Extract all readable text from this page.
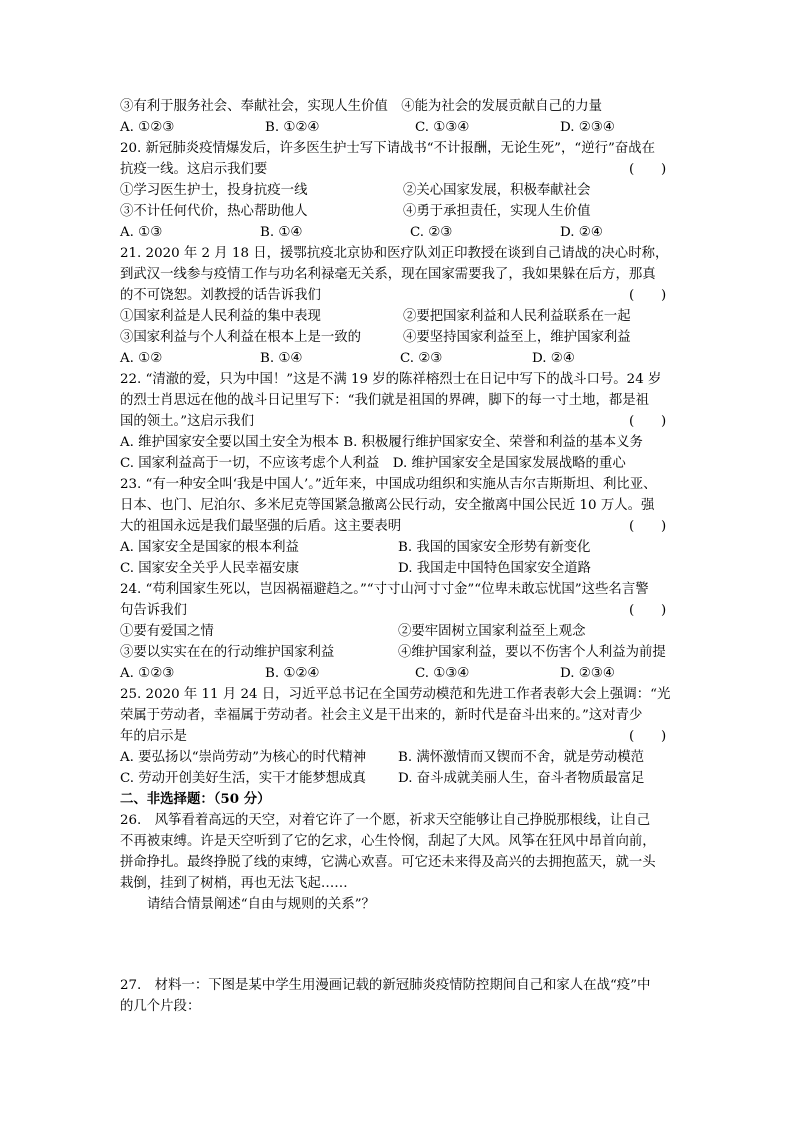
③有利于服务社会、奉献社会，实现人生价值　④能为社会的发展贡献自己的力量
A. ①②③	B. ①②④	C. ①③④	D. ②③④
20. 新冠肺炎疫情爆发后，许多医生护士写下请战书“不计报酬，无论生死”，“逆行”奋战在
抗疫一线。这启示我们要	(　　)
①学习医生护士，投身抗疫一线	②关心国家发展，积极奉献社会
③不计任何代价，热心帮助他人	④勇于承担责任，实现人生价值
A. ①③	B. ①④	C. ②③	D. ②④
21. 2020 年 2 月 18 日，援鄂抗疫北京协和医疗队刘正印教授在谈到自己请战的决心时称，
到武汉一线参与疫情工作与功名利禄毫无关系，现在国家需要我了，我如果躲在后方，那真
的不可饶恕。刘教授的话告诉我们	(　　)
①国家利益是人民利益的集中表现	②要把国家利益和人民利益联系在一起
③国家利益与个人利益在根本上是一致的	④要坚持国家利益至上，维护国家利益
A. ①②	B. ①④	C. ②③	D. ②④
22. “清澈的爱，只为中国！”这是不满 19 岁的陈祥榕烈士在日记中写下的战斗口号。24 岁
的烈士肖思远在他的战斗日记里写下：“我们就是祖国的界碑，脚下的每一寸土地，都是祖
国的领土。”这启示我们	(　　)
A. 维护国家安全要以国土安全为根本 B. 积极履行维护国家安全、荣誉和利益的基本义务
C. 国家利益高于一切，不应该考虑个人利益　D. 维护国家安全是国家发展战略的重心
23. “有一种安全叫‘我是中国人’。”近年来，中国成功组织和实施从吉尔吉斯斯坦、利比亚、
日本、也门、尼泊尔、多米尼克等国紧急撤离公民行动，安全撤离中国公民近 10 万人。强
大的祖国永远是我们最坚强的后盾。这主要表明	(　　)
A. 国家安全是国家的根本利益	B. 我国的国家安全形势有新变化
C. 国家安全关乎人民幸福安康	D. 我国走中国特色国家安全道路
24. “苟利国家生死以，岂因祸福避趋之。”“寸寸山河寸寸金”“位卑未敢忘忧国”这些名言警
句告诉我们	(　　)
①要有爱国之情	②要牢固树立国家利益至上观念
③要以实实在在的行动维护国家利益	④维护国家利益，要以不伤害个人利益为前提
A. ①②③	B. ①②④	C. ①③④	D. ②③④
25. 2020 年 11 月 24 日，习近平总书记在全国劳动模范和先进工作者表彰大会上强调：“光
荣属于劳动者，幸福属于劳动者。社会主义是干出来的，新时代是奋斗出来的。”这对青少
年的启示是	(　　)
A. 要弘扬以“崇尚劳动”为核心的时代精神 B. 满怀激情而又锲而不舍，就是劳动模范
C. 劳动开创美好生活，实干才能梦想成真 D. 奋斗成就美丽人生，奋斗者物质最富足
二、非选择题：（50 分）
26.　风筝看着高远的天空，对着它许了一个愿，祈求天空能够让自己挣脱那根线，让自己
不再被束缚。许是天空听到了它的乞求，心生怜悯，刮起了大风。风筝在狂风中昂首向前，
拼命挣扎。最终挣脱了线的束缚，它满心欢喜。可它还未来得及高兴的去拥抱蓝天，就一头
栽倒，挂到了树梢，再也无法飞起……
请结合情景阐述“自由与规则的关系”？
27.　材料一：下图是某中学生用漫画记载的新冠肺炎疫情防控期间自己和家人在战“疫”中
的几个片段：
